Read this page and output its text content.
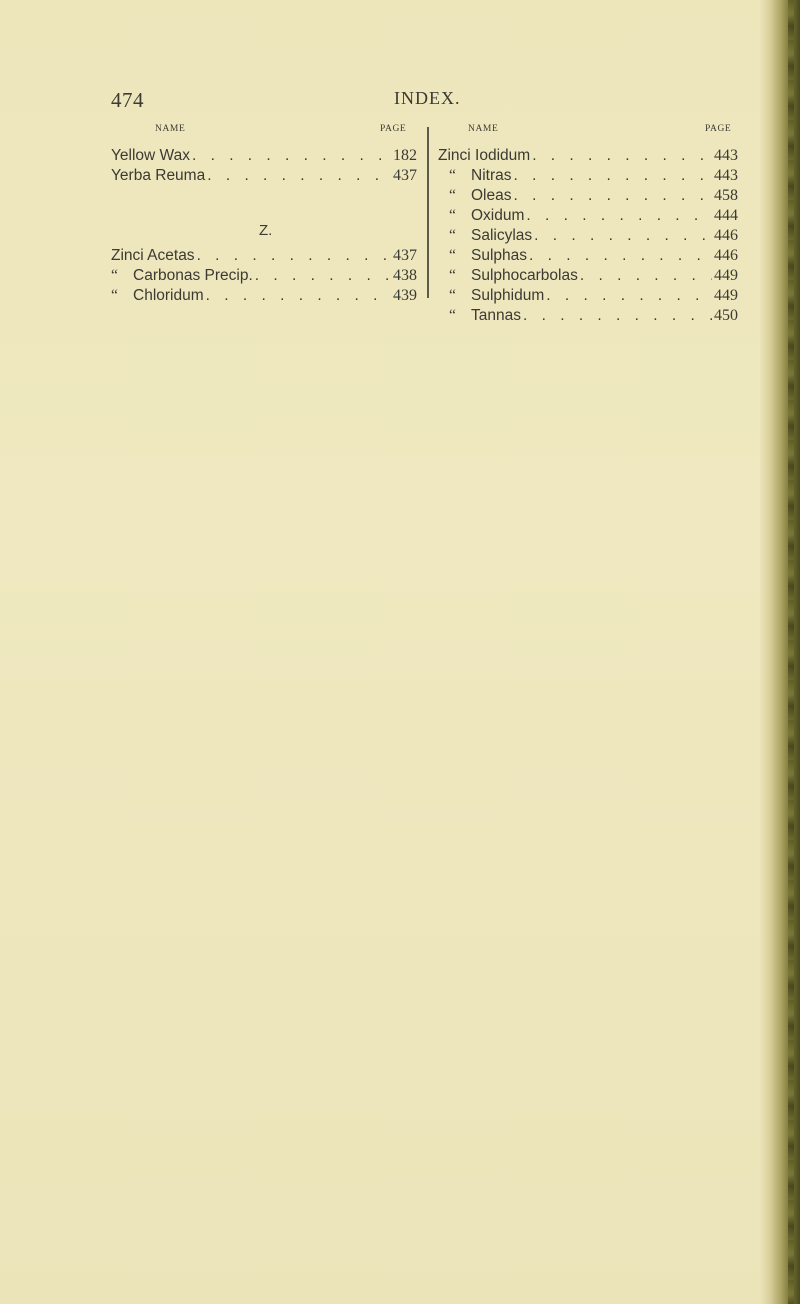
474	INDEX.
NAME	PAGE	NAME	PAGE
Yellow Wax . . .	182
Yerba Reuma . . .	437
Z.
Zinci Acetas . . .	437
“ Carbonas Precip. . . .	438
“ Chloridum . . .	439
Zinci Iodidum . . .	443
“ Nitras . . .	443
“ Oleas . . .	458
“ Oxidum . . .	444
“ Salicylas . . .	446
“ Sulphas . . .	446
“ Sulphocarbolas . . .	449
“ Sulphidum . . .	449
“ Tannas . . .	450
